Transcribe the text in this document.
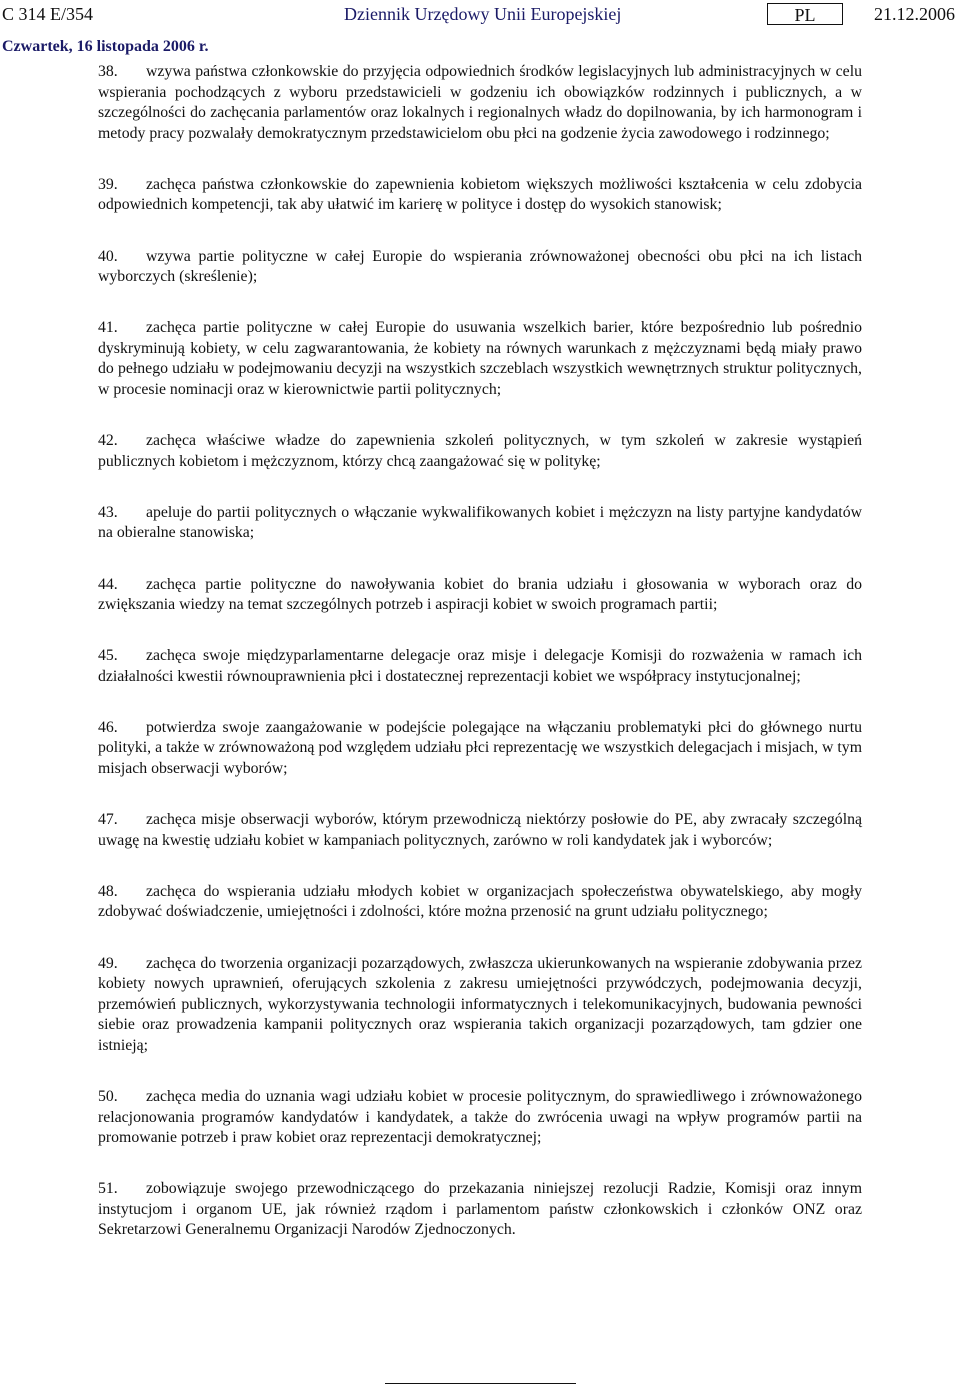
C 314 E/354	Dziennik Urzędowy Unii Europejskiej	PL	21.12.2006
Czwartek, 16 listopada 2006 r.

38. wzywa państwa członkowskie do przyjęcia odpowiednich środków legislacyjnych lub administracyjnych w celu wspierania pochodzących z wyboru przedstawicieli w godzeniu ich obowiązków rodzinnych i publicznych, a w szczególności do zachęcania parlamentów oraz lokalnych i regionalnych władz do dopilnowania, by ich harmonogram i metody pracy pozwalały demokratycznym przedstawicielom obu płci na godzenie życia zawodowego i rodzinnego;

39. zachęca państwa członkowskie do zapewnienia kobietom większych możliwości kształcenia w celu zdobycia odpowiednich kompetencji, tak aby ułatwić im karierę w polityce i dostęp do wysokich stanowisk;

40. wzywa partie polityczne w całej Europie do wspierania zrównoważonej obecności obu płci na ich listach wyborczych (skreślenie);

41. zachęca partie polityczne w całej Europie do usuwania wszelkich barier, które bezpośrednio lub pośrednio dyskryminują kobiety, w celu zagwarantowania, że kobiety na równych warunkach z mężczyznami będą miały prawo do pełnego udziału w podejmowaniu decyzji na wszystkich szczeblach wszystkich wewnętrznych struktur politycznych, w procesie nominacji oraz w kierownictwie partii politycznych;

42. zachęca właściwe władze do zapewnienia szkoleń politycznych, w tym szkoleń w zakresie wystąpień publicznych kobietom i mężczyznom, którzy chcą zaangażować się w politykę;

43. apeluje do partii politycznych o włączanie wykwalifikowanych kobiet i mężczyzn na listy partyjne kandydatów na obieralne stanowiska;

44. zachęca partie polityczne do nawoływania kobiet do brania udziału i głosowania w wyborach oraz do zwiększania wiedzy na temat szczególnych potrzeb i aspiracji kobiet w swoich programach partii;

45. zachęca swoje międzyparlamentarne delegacje oraz misje i delegacje Komisji do rozważenia w ramach ich działalności kwestii równouprawnienia płci i dostatecznej reprezentacji kobiet we współpracy instytucjonalnej;

46. potwierdza swoje zaangażowanie w podejście polegające na włączaniu problematyki płci do głównego nurtu polityki, a także w zrównoważoną pod względem udziału płci reprezentację we wszystkich delegacjach i misjach, w tym misjach obserwacji wyborów;

47. zachęca misje obserwacji wyborów, którym przewodniczą niektórzy posłowie do PE, aby zwracały szczególną uwagę na kwestię udziału kobiet w kampaniach politycznych, zarówno w roli kandydatek jak i wyborców;

48. zachęca do wspierania udziału młodych kobiet w organizacjach społeczeństwa obywatelskiego, aby mogły zdobywać doświadczenie, umiejętności i zdolności, które można przenosić na grunt udziału politycznego;

49. zachęca do tworzenia organizacji pozarządowych, zwłaszcza ukierunkowanych na wspieranie zdobywania przez kobiety nowych uprawnień, oferujących szkolenia z zakresu umiejętności przywódczych, podejmowania decyzji, przemówień publicznych, wykorzystywania technologii informatycznych i telekomunikacyjnych, budowania pewności siebie oraz prowadzenia kampanii politycznych oraz wspierania takich organizacji pozarządowych, tam gdzier one istnieją;

50. zachęca media do uznania wagi udziału kobiet w procesie politycznym, do sprawiedliwego i zrównoważonego relacjonowania programów kandydatów i kandydatek, a także do zwrócenia uwagi na wpływ programów partii na promowanie potrzeb i praw kobiet oraz reprezentacji demokratycznej;

51. zobowiązuje swojego przewodniczącego do przekazania niniejszej rezolucji Radzie, Komisji oraz innym instytucjom i organom UE, jak również rządom i parlamentom państw członkowskich i członków ONZ oraz Sekretarzowi Generalnemu Organizacji Narodów Zjednoczonych.
